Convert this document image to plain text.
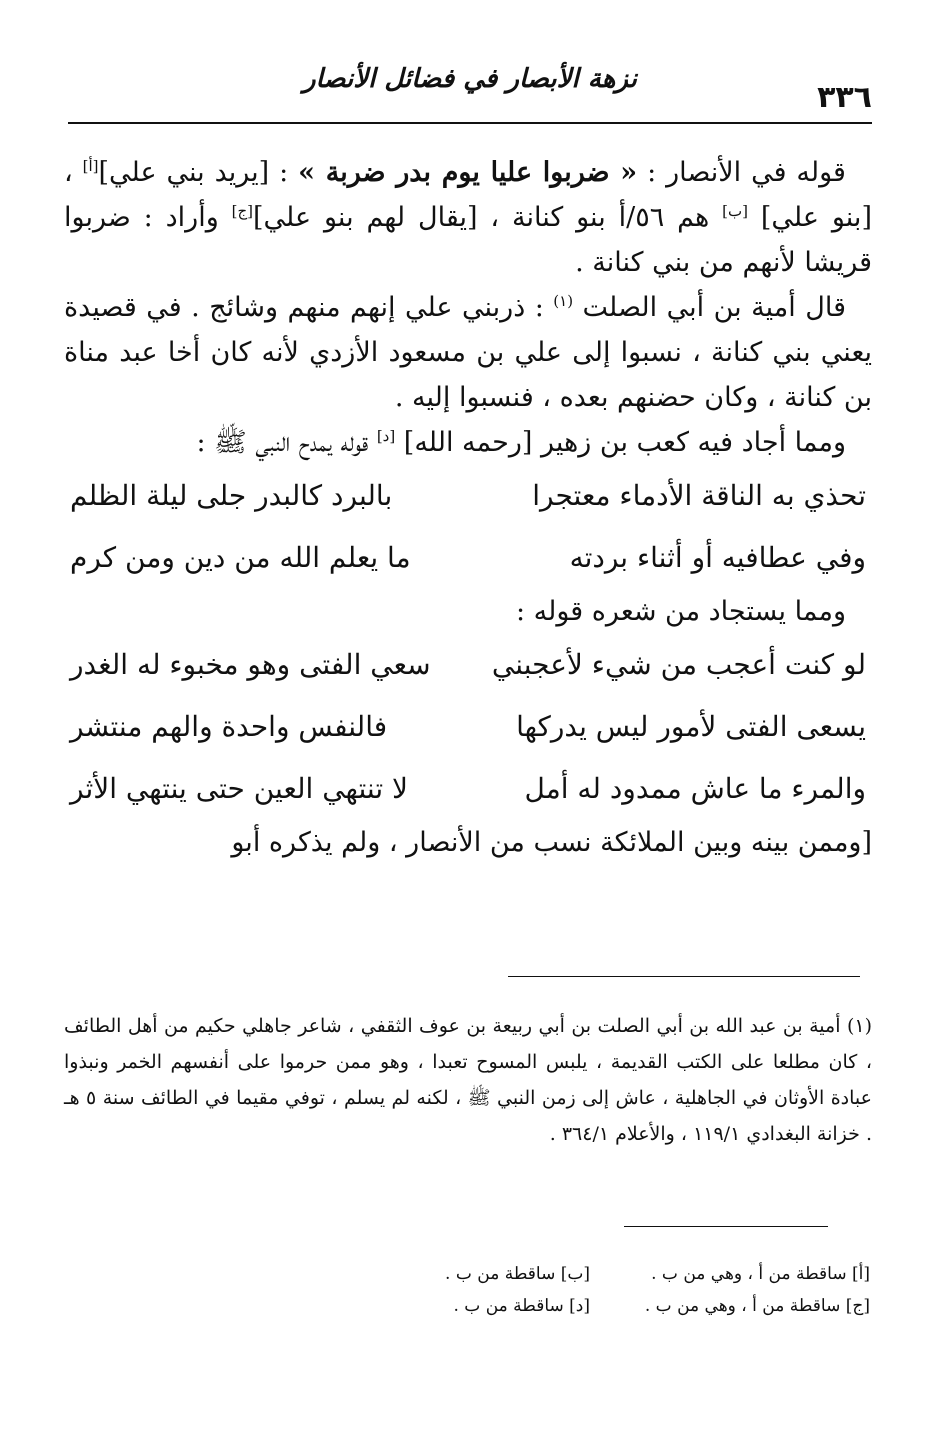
٣٣٦
نزهة الأبصار في فضائل الأنصار

قوله في الأنصار : « ضربوا عليا يوم بدر ضربة » : [يريد بني علي][أ] ، [بنو علي] [ب] هم ٥٦/أ بنو كنانة ، [يقال لهم بنو علي][ج] وأراد : ضربوا قريشا لأنهم من بني كنانة .

قال أمية بن أبي الصلت $^{(١)}$ : ذربني علي إنهم منهم وشائج . في قصيدة يعني بني كنانة ، نسبوا إلى علي بن مسعود الأزدي لأنه كان أخا عبد مناة بن كنانة ، وكان حضنهم بعده ، فنسبوا إليه .

ومما أجاد فيه كعب بن زهير [رحمه الله] [د] قوله يمدح النبي ﷺ :

تحذي به الناقة الأدماء معتجرا
بالبرد كالبدر جلى ليلة الظلم
وفي عطافيه أو أثناء بردته
ما يعلم الله من دين ومن كرم

ومما يستجاد من شعره قوله :

لو كنت أعجب من شيء لأعجبني
سعي الفتى وهو مخبوء له الغدر
يسعى الفتى لأمور ليس يدركها
فالنفس واحدة والهم منتشر
والمرء ما عاش ممدود له أمل
لا تنتهي العين حتى ينتهي الأثر

[وممن بينه وبين الملائكة نسب من الأنصار ، ولم يذكره أبو

(١) أمية بن عبد الله بن أبي الصلت بن أبي ربيعة بن عوف الثقفي ، شاعر جاهلي حكيم من أهل الطائف ، كان مطلعا على الكتب القديمة ، يلبس المسوح تعبدا ، وهو ممن حرموا على أنفسهم الخمر ونبذوا عبادة الأوثان في الجاهلية ، عاش إلى زمن النبي ﷺ ، لكنه لم يسلم ، توفي مقيما في الطائف سنة ٥ هـ . خزانة البغدادي ١١٩/١ ، والأعلام ٣٦٤/١ .

[أ] ساقطة من أ ، وهي من ب .
[ب] ساقطة من ب .
[ج] ساقطة من أ ، وهي من ب .
[د] ساقطة من ب .
